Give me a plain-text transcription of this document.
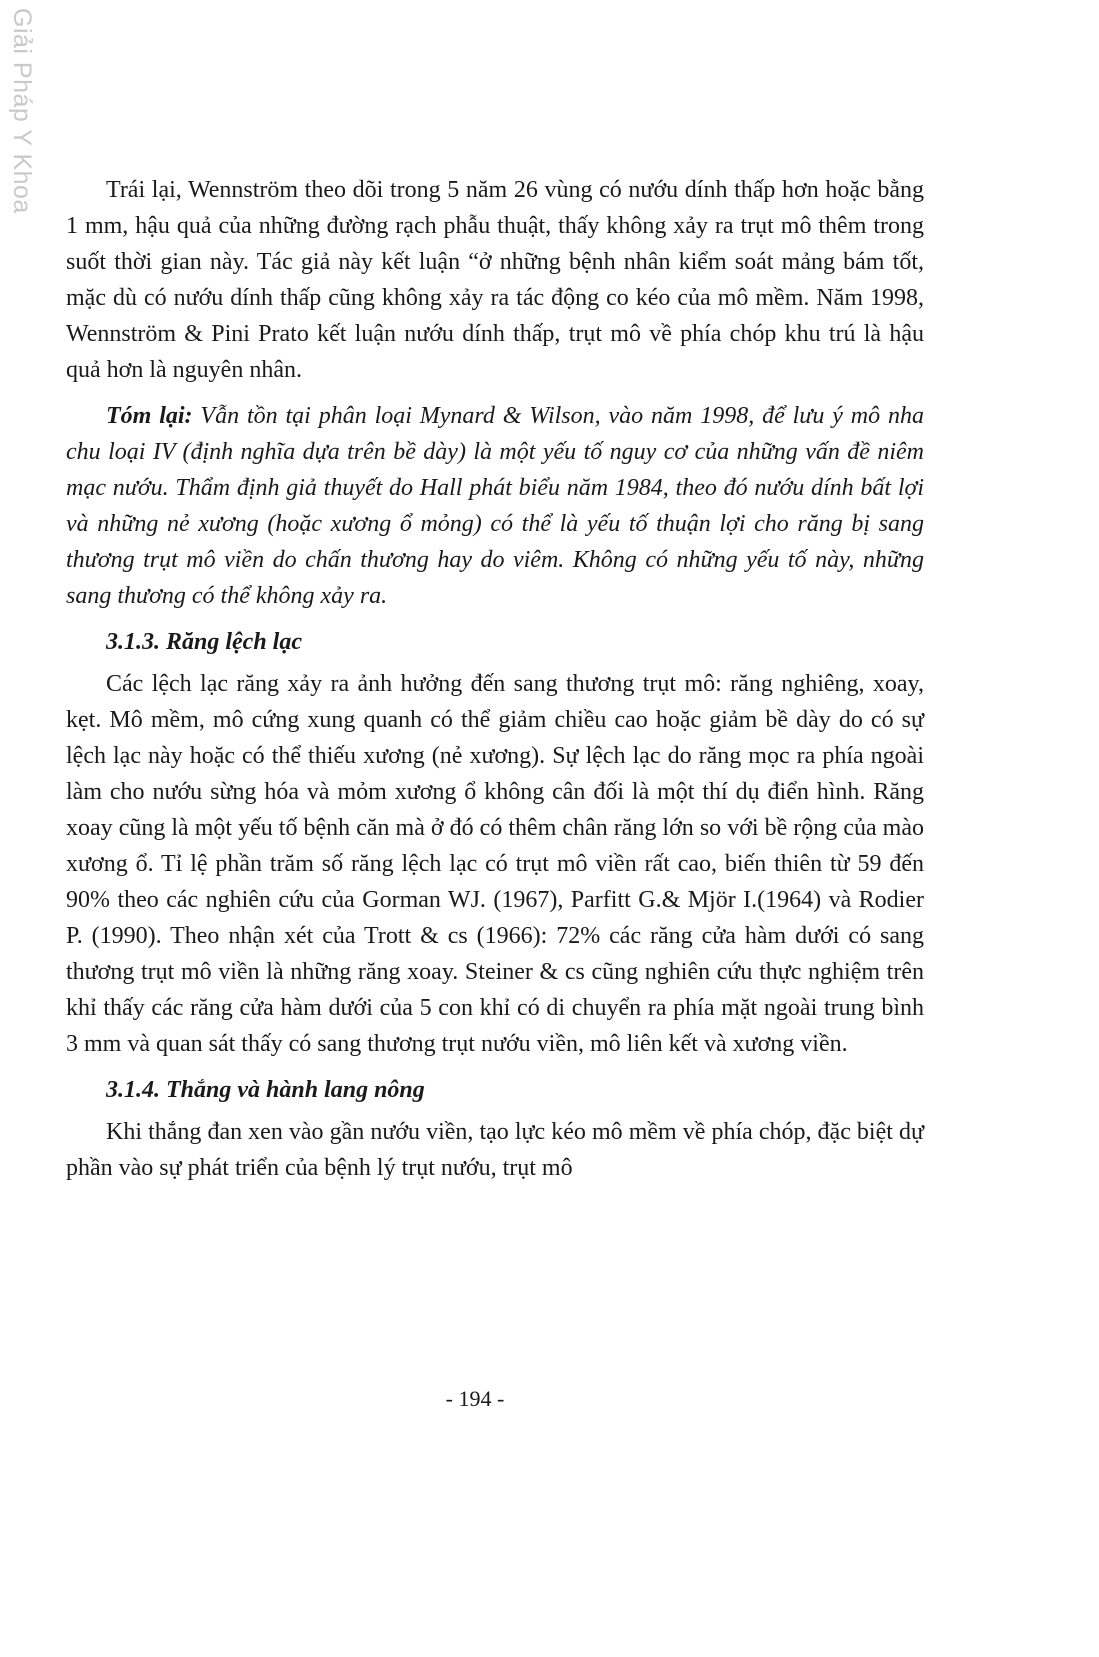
Giải Pháp Y Khoa	Trái lại, Wennström theo dõi trong 5 năm 26 vùng có nướu dính thấp hơn hoặc bằng 1 mm, hậu quả của những đường rạch phẫu thuật, thấy không xảy ra trụt mô thêm trong suốt thời gian này. Tác giả này kết luận “ở những bệnh nhân kiểm soát mảng bám tốt, mặc dù có nướu dính thấp cũng không xảy ra tác động co kéo của mô mềm. Năm 1998, Wennström & Pini Prato kết luận nướu dính thấp, trụt mô về phía chóp khu trú là hậu quả hơn là nguyên nhân.

Tóm lại: Vẫn tồn tại phân loại Mynard & Wilson, vào năm 1998, để lưu ý mô nha chu loại IV (định nghĩa dựa trên bề dày) là một yếu tố nguy cơ của những vấn đề niêm mạc nướu. Thẩm định giả thuyết do Hall phát biểu năm 1984, theo đó nướu dính bất lợi và những nẻ xương (hoặc xương ổ mỏng) có thể là yếu tố thuận lợi cho răng bị sang thương trụt mô viền do chấn thương hay do viêm. Không có những yếu tố này, những sang thương có thể không xảy ra.

3.1.3. Răng lệch lạc

Các lệch lạc răng xảy ra ảnh hưởng đến sang thương trụt mô: răng nghiêng, xoay, kẹt. Mô mềm, mô cứng xung quanh có thể giảm chiều cao hoặc giảm bề dày do có sự lệch lạc này hoặc có thể thiếu xương (nẻ xương). Sự lệch lạc do răng mọc ra phía ngoài làm cho nướu sừng hóa và mỏm xương ổ không cân đối là một thí dụ điển hình. Răng xoay cũng là một yếu tố bệnh căn mà ở đó có thêm chân răng lớn so với bề rộng của mào xương ổ. Tỉ lệ phần trăm số răng lệch lạc có trụt mô viền rất cao, biến thiên từ 59 đến 90% theo các nghiên cứu của Gorman WJ. (1967), Parfitt G.& Mjör I.(1964) và Rodier P. (1990). Theo nhận xét của Trott & cs (1966): 72% các răng cửa hàm dưới có sang thương trụt mô viền là những răng xoay. Steiner & cs cũng nghiên cứu thực nghiệm trên khỉ thấy các răng cửa hàm dưới của 5 con khỉ có di chuyển ra phía mặt ngoài trung bình 3 mm và quan sát thấy có sang thương trụt nướu viền, mô liên kết và xương viền.

3.1.4. Thắng và hành lang nông

Khi thắng đan xen vào gần nướu viền, tạo lực kéo mô mềm về phía chóp, đặc biệt dự phần vào sự phát triển của bệnh lý trụt nướu, trụt mô

- 194 -
